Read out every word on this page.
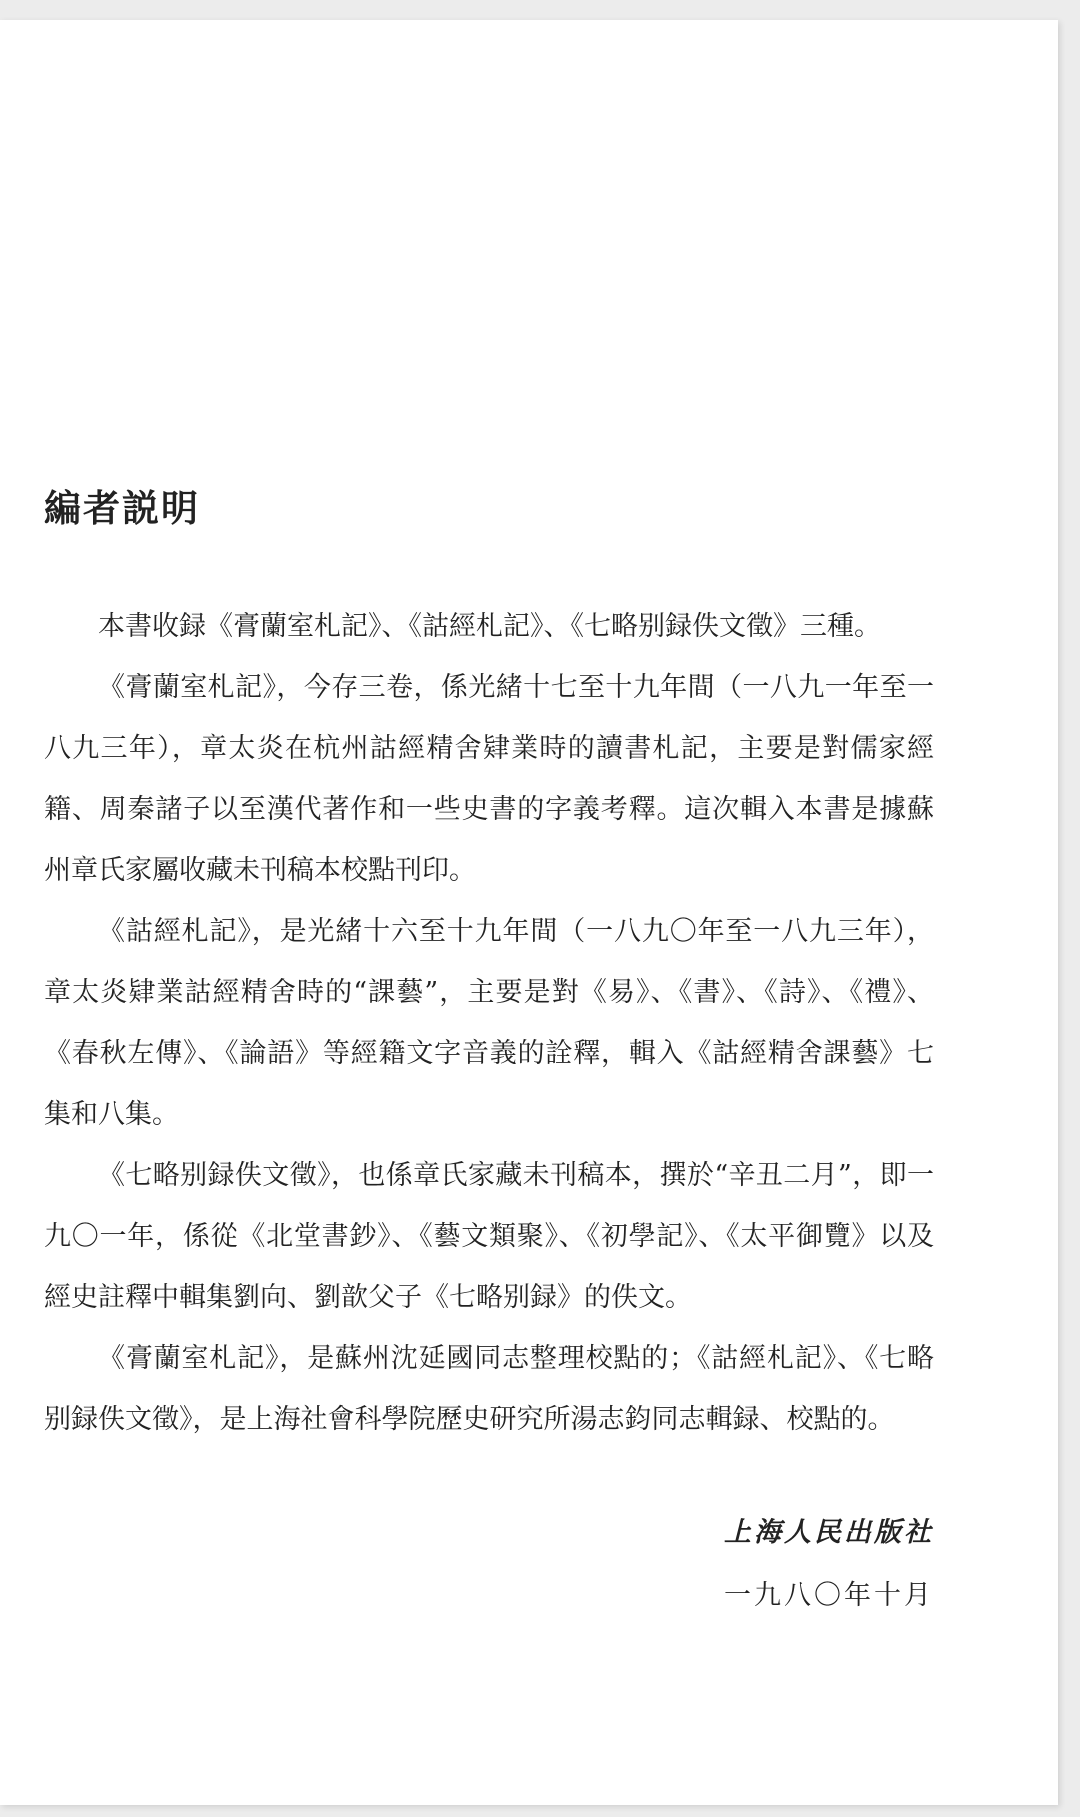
編者説明

本書收録《膏蘭室札記》、《詁經札記》、《七略别録佚文徵》三種。

《膏蘭室札記》，今存三卷，係光緒十七至十九年間（一八九一年至一八九三年），章太炎在杭州詁經精舍肄業時的讀書札記，主要是對儒家經籍、周秦諸子以至漢代著作和一些史書的字義考釋。這次輯入本書是據蘇州章氏家屬收藏未刊稿本校點刊印。

《詁經札記》，是光緒十六至十九年間（一八九〇年至一八九三年），章太炎肄業詁經精舍時的“課藝”，主要是對《易》、《書》、《詩》、《禮》、《春秋左傳》、《論語》等經籍文字音義的詮釋，輯入《詁經精舍課藝》七集和八集。

《七略别録佚文徵》，也係章氏家藏未刊稿本，撰於“辛丑二月”，即一九〇一年，係從《北堂書鈔》、《藝文類聚》、《初學記》、《太平御覽》以及經史註釋中輯集劉向、劉歆父子《七略别録》的佚文。

《膏蘭室札記》，是蘇州沈延國同志整理校點的；《詁經札記》、《七略别録佚文徵》，是上海社會科學院歷史研究所湯志鈞同志輯録、校點的。

上海人民出版社
一九八〇年十月
